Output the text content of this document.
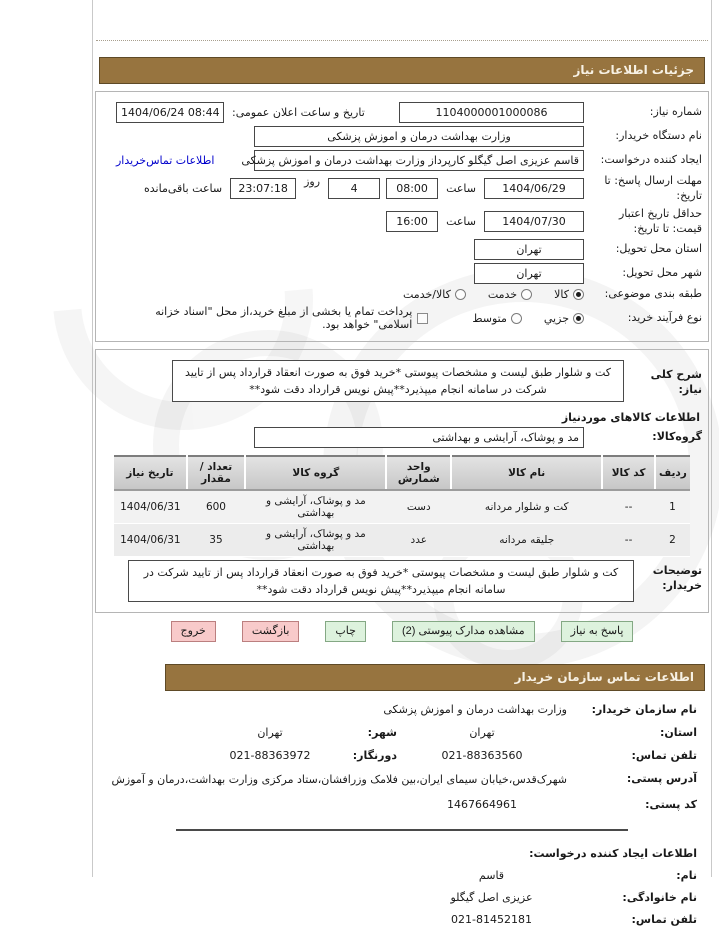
جزئیات اطلاعات نیاز
شماره نیاز:
1104000001000086
تاریخ و ساعت اعلان عمومی:
1404/06/24 08:44
نام دستگاه خریدار:
وزارت بهداشت درمان و اموزش پزشکی
ایجاد کننده درخواست:
قاسم عزیزی اصل گیگلو کارپرداز وزارت بهداشت درمان و اموزش پزشکی
اطلاعات تماس‌خریدار
مهلت ارسال پاسخ: تا تاریخ:
1404/06/29
ساعت
08:00
4
روز
23:07:18
ساعت باقی‌مانده
حداقل تاریخ اعتبار قیمت: تا تاریخ:
1404/07/30
ساعت
16:00
استان محل تحویل:
تهران
شهر محل تحویل:
تهران
طبقه بندی موضوعی:
کالا
خدمت
کالا/خدمت
نوع فرآیند خرید:
جزیي
متوسط
پرداخت تمام یا بخشی از مبلغ خرید،از محل "اسناد خزانه اسلامی" خواهد بود.
شرح کلی نیاز:
کت و شلوار طبق لیست و مشخصات پیوستی *خرید فوق به صورت انعقاد قرارداد پس از تایید شرکت در سامانه انجام میپذیرد**پیش نویس قرارداد دقت شود**
اطلاعات کالاهای موردنیاز
گروه‌کالا:
مد و پوشاک، آرایشی و بهداشتی
ردیف	کد کالا	نام کالا	واحد شمارش	گروه کالا	تعداد / مقدار	تاریخ نیاز
1	--	کت و شلوار مردانه	دست	مد و پوشاک، آرایشی و بهداشتی	600	1404/06/31
2	--	جلیقه مردانه	عدد	مد و پوشاک، آرایشی و بهداشتی	35	1404/06/31
توضیحات خریدار:
کت و شلوار طبق لیست و مشخصات پیوستی *خرید فوق به صورت انعقاد قرارداد پس از تایید شرکت در سامانه انجام میپذیرد**پیش نویس قرارداد دقت شود**
پاسخ به نیاز
مشاهده مدارک پیوستی (2)
چاپ
بازگشت
خروج
اطلاعات تماس سازمان خریدار
نام سازمان خریدار:
وزارت بهداشت درمان و اموزش پزشکی
استان:
تهران
شهر:
تهران
تلفن تماس:
021-88363560
دورنگار:
021-88363972
آدرس پستی:
شهرک‌قدس،خیابان سیمای ایران،بین فلامک وزرافشان،ستاد مرکزی وزارت بهداشت،درمان و آموزش
کد پستی:
1467664961
اطلاعات ایجاد کننده درخواست:
نام:
قاسم
نام خانوادگی:
عزیزی اصل گیگلو
تلفن تماس:
021-81452181
